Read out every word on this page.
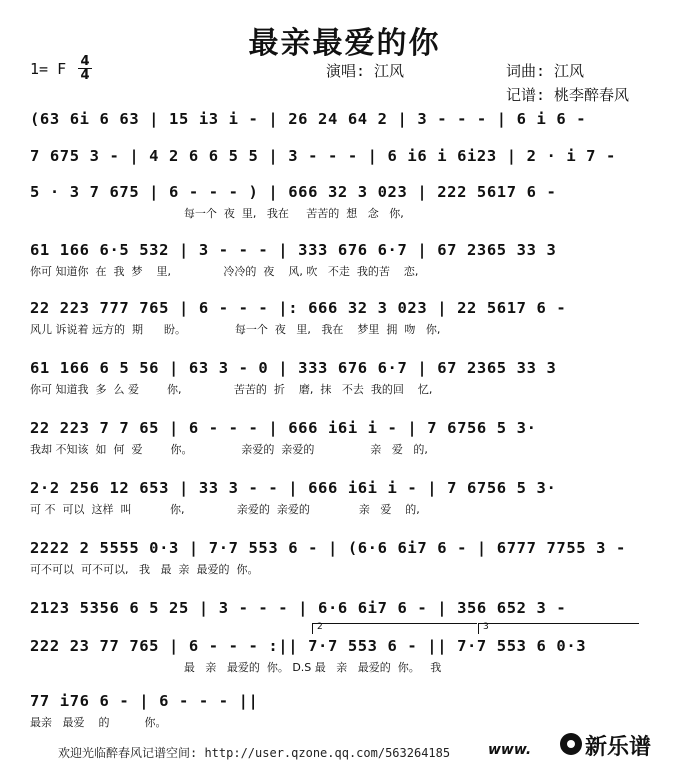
最亲最爱的你
1= F $\frac{4}{4}$	演唱: 江风	词曲: 江风
记谱: 桃李醉春风
(63 6i 6 63 | 15 i3 i - | 26 24 64 2 | 3 - - - | 6 i 6 -
7 675 3 - | 4 2 6 6 5 5 | 3 - - - | 6 i6 i 6i23 | 2 · i 7 -
5 · 3 7 675 | 6 - - - ) | 666 32 3 023 | 222 5617 6 -
每一个  夜  里,   我在     苦苦的  想   念   你,
61 166 6·5 532 | 3 - - - | 333 676 6·7 | 67 2365 33 3
你可 知道你  在  我  梦    里,               冷冷的  夜    风, 吹   不走  我的苦    恋,
22 223 777 765 | 6 - - - |: 666 32 3 023 | 22 5617 6 -
风儿 诉说着 远方的  期      盼。              每一个  夜   里,   我在    梦里  拥  吻   你,
61 166 6 5 56 | 63 3 - 0 | 333 676 6·7 | 67 2365 33 3
你可 知道我  多  么 爱        你,               苦苦的  折    磨,  抹   不去  我的回    忆,
22 223 7 7 65 | 6 - - - | 666 i6i i - | 7 6756 5 3·
我却 不知该  如  何  爱        你。              亲爱的  亲爱的                亲   爱   的,
2·2 256 12 653 | 33 3 - - | 666 i6i i - | 7 6756 5 3·
可 不  可以  这样  叫           你,               亲爱的  亲爱的              亲   爱    的,
2222 2 5555 0·3 | 7·7 553 6 - | (6·6 6i7 6 - | 6777 7755 3 -
可不可以  可不可以,   我   最  亲  最爱的  你。
2123 5356 6 5 25 | 3 - - - | 6·6 6i7 6 - | 356 652 3 -
222 23 77 765 | 6 - - - :|| 7·7 553 6 - || 7·7 553 6 0·3
最   亲   最爱的  你。 D.S 最   亲   最爱的  你。   我
77 i76 6 - | 6 - - - ||
最亲   最爱    的          你。
2	3
欢迎光临醉春风记谱空间: http://user.qzone.qq.com/563264185	www. 新乐谱
